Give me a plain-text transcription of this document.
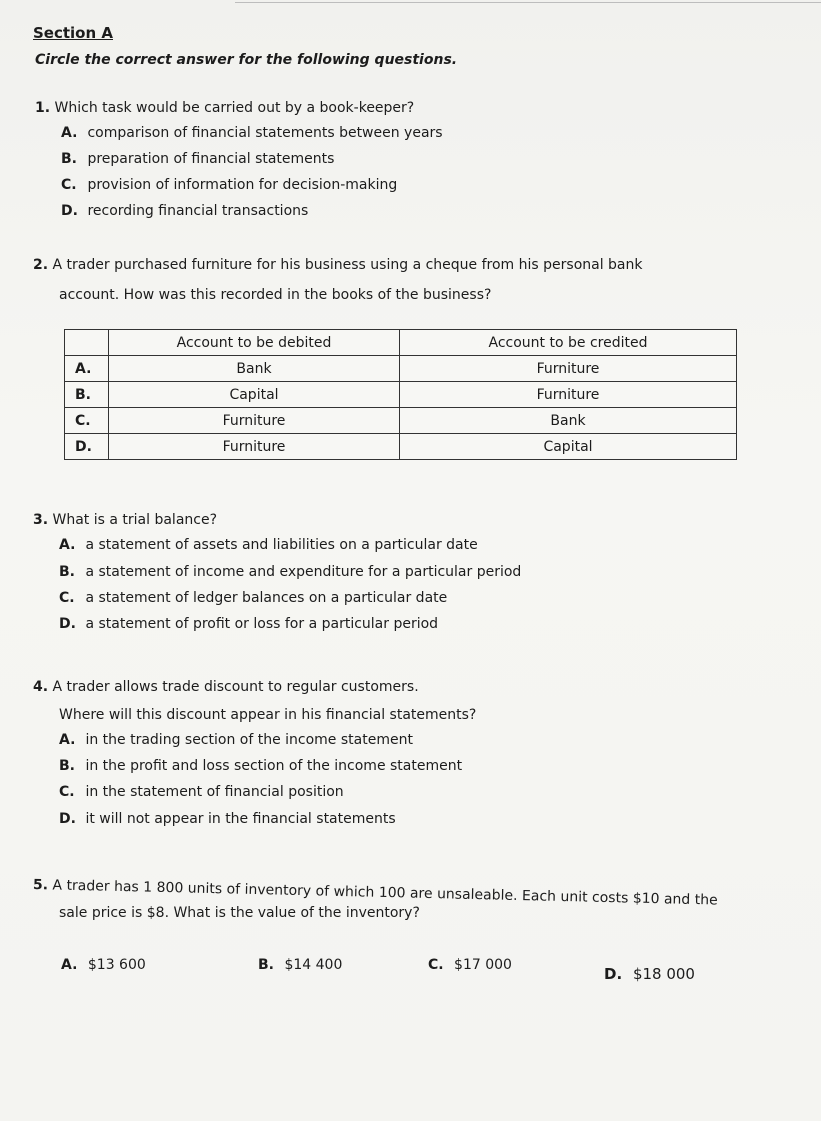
Section A
Circle the correct answer for the following questions.
1. Which task would be carried out by a book-keeper?
A. comparison of financial statements between years
B. preparation of financial statements
C. provision of information for decision-making
D. recording financial transactions
2. A trader purchased furniture for his business using a cheque from his personal bank
account. How was this recorded in the books of the business?
	Account to be debited	Account to be credited
A.	Bank	Furniture
B.	Capital	Furniture
C.	Furniture	Bank
D.	Furniture	Capital
3. What is a trial balance?
A. a statement of assets and liabilities on a particular date
B. a statement of income and expenditure for a particular period
C. a statement of ledger balances on a particular date
D. a statement of profit or loss for a particular period
4. A trader allows trade discount to regular customers.
Where will this discount appear in his financial statements?
A. in the trading section of the income statement
B. in the profit and loss section of the income statement
C. in the statement of financial position
D. it will not appear in the financial statements
5. A trader has 1 800 units of inventory of which 100 are unsaleable. Each unit costs $10 and the
sale price is $8. What is the value of the inventory?
A. $13 600	B. $14 400	C. $17 000	D. $18 000
